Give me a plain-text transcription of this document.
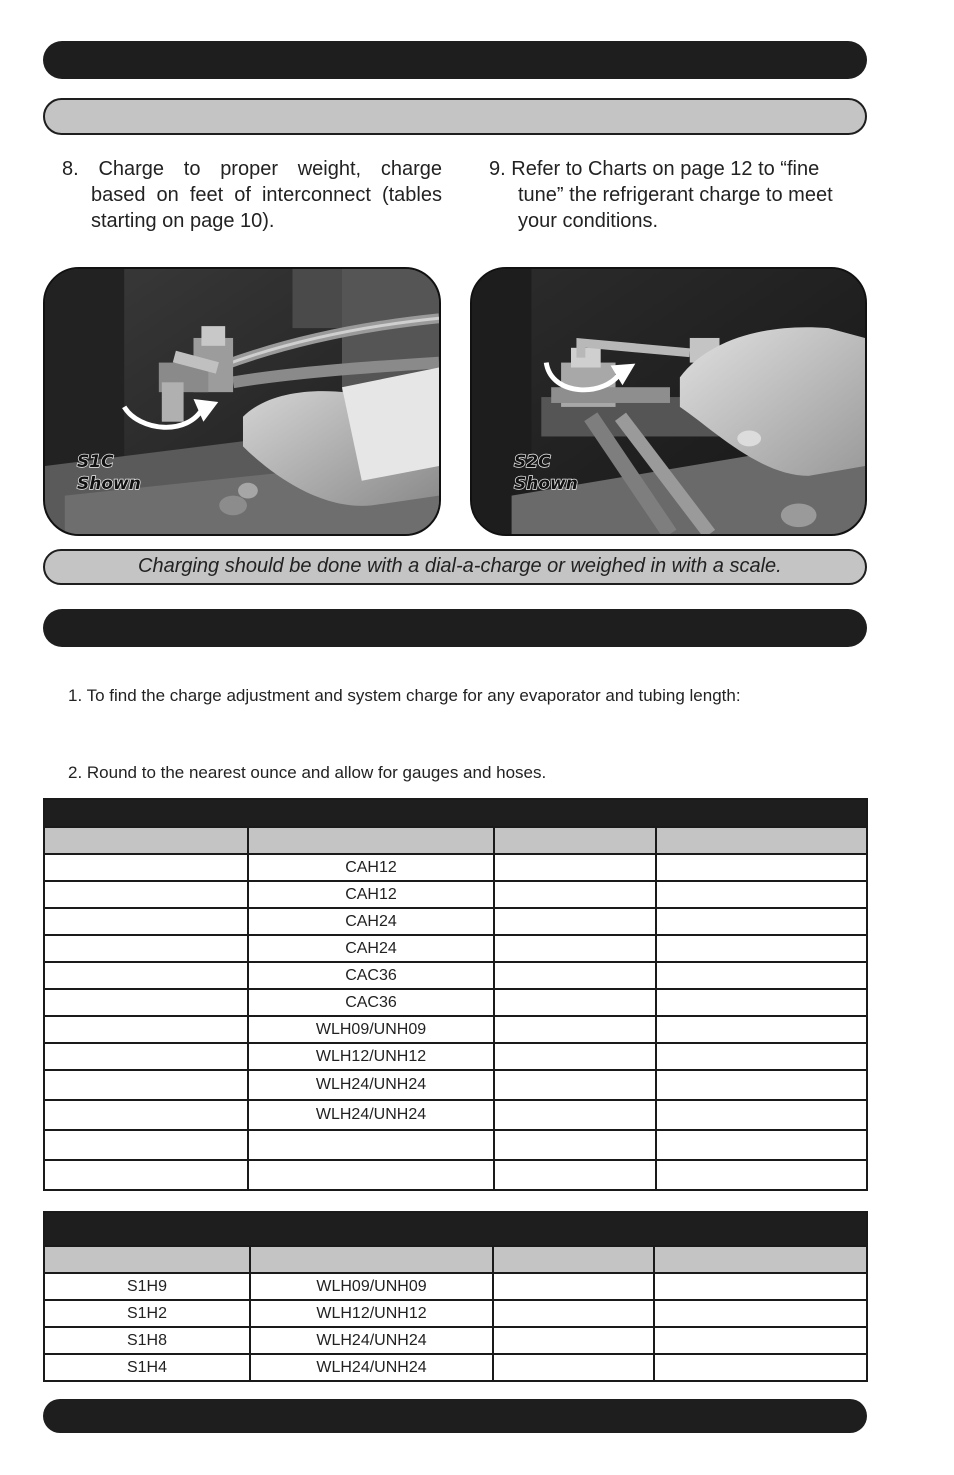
8. Charge to proper weight, charge
based on feet of interconnect (tables
starting on page 10).
9. Refer to Charts on page 12 to “fine
tune” the refrigerant charge to meet
your conditions.
S1C
Shown
S2C
Shown
Charging should be done with a dial-a-charge or weighed in with a scale.
1. To find the charge adjustment and system charge for any evaporator and tubing length:
2. Round to the nearest ounce and allow for gauges and hoses.

	CAH12		
	CAH12		
	CAH24		
	CAH24		
	CAC36		
	CAC36		
	WLH09/UNH09		
	WLH12/UNH12		
	WLH24/UNH24		
	WLH24/UNH24		

S1H9	WLH09/UNH09		
S1H2	WLH12/UNH12		
S1H8	WLH24/UNH24		
S1H4	WLH24/UNH24		
